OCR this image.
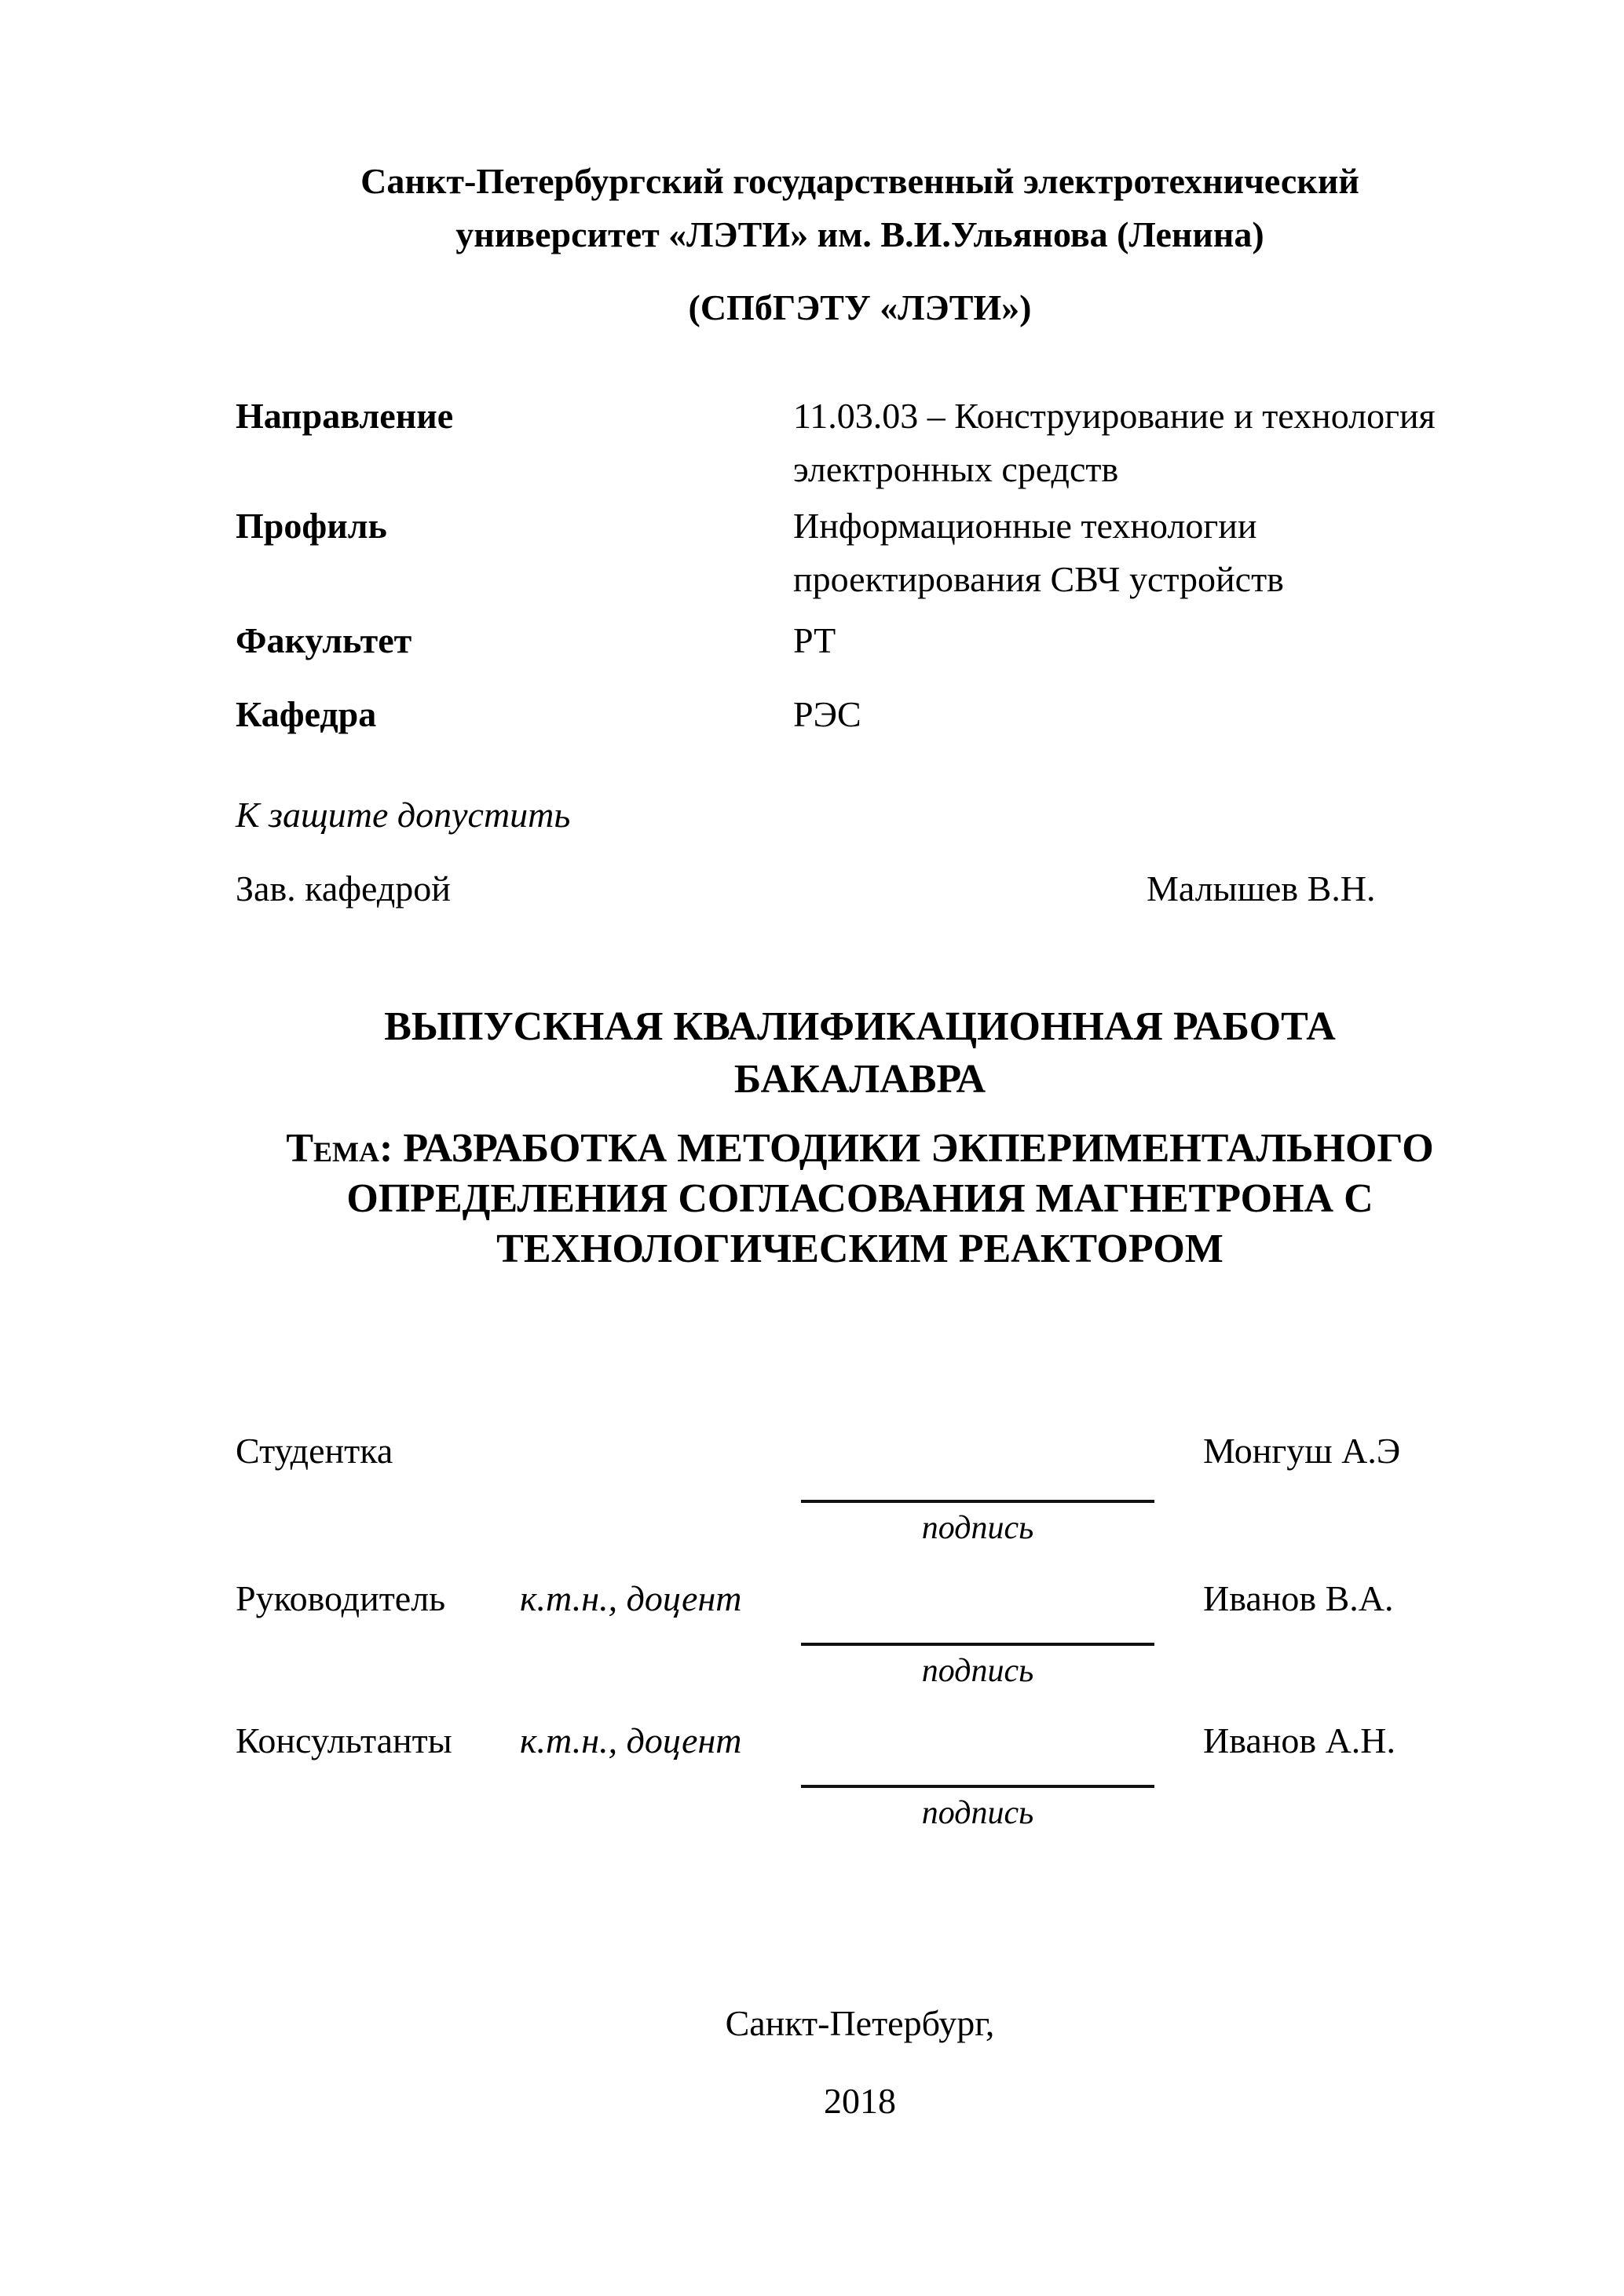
Санкт-Петербургский государственный электротехнический
университет «ЛЭТИ» им. В.И.Ульянова (Ленина)
(СПбГЭТУ «ЛЭТИ»)
Направление	11.03.03 – Конструирование и технология электронных средств
Профиль	Информационные технологии проектирования СВЧ устройств
Факультет	РТ
Кафедра	РЭС
К защите допустить
Зав. кафедрой	Малышев В.Н.
ВЫПУСКНАЯ КВАЛИФИКАЦИОННАЯ РАБОТА
БАКАЛАВРА
Тема: РАЗРАБОТКА МЕТОДИКИ ЭКПЕРИМЕНТАЛЬНОГО
ОПРЕДЕЛЕНИЯ СОГЛАСОВАНИЯ МАГНЕТРОНА С
ТЕХНОЛОГИЧЕСКИМ РЕАКТОРОМ
Студентка	Монгуш А.Э
подпись
Руководитель к.т.н., доцент	Иванов В.А.
подпись
Консультанты к.т.н., доцент	Иванов А.Н.
подпись
Санкт-Петербург,
2018
